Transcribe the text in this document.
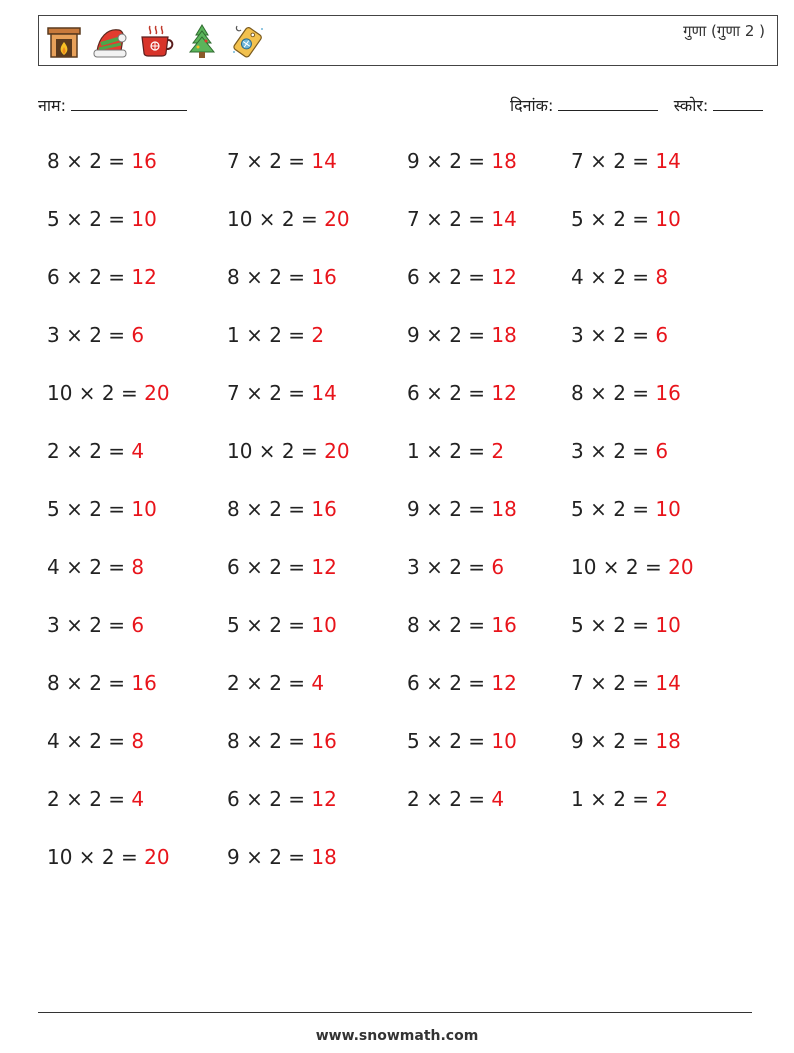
गुणा (गुणा 2 )
नाम:	दिनांक:	स्कोर:
8 × 2 = 16	7 × 2 = 14	9 × 2 = 18	7 × 2 = 14
5 × 2 = 10	10 × 2 = 20	7 × 2 = 14	5 × 2 = 10
6 × 2 = 12	8 × 2 = 16	6 × 2 = 12	4 × 2 = 8
3 × 2 = 6	1 × 2 = 2	9 × 2 = 18	3 × 2 = 6
10 × 2 = 20	7 × 2 = 14	6 × 2 = 12	8 × 2 = 16
2 × 2 = 4	10 × 2 = 20	1 × 2 = 2	3 × 2 = 6
5 × 2 = 10	8 × 2 = 16	9 × 2 = 18	5 × 2 = 10
4 × 2 = 8	6 × 2 = 12	3 × 2 = 6	10 × 2 = 20
3 × 2 = 6	5 × 2 = 10	8 × 2 = 16	5 × 2 = 10
8 × 2 = 16	2 × 2 = 4	6 × 2 = 12	7 × 2 = 14
4 × 2 = 8	8 × 2 = 16	5 × 2 = 10	9 × 2 = 18
2 × 2 = 4	6 × 2 = 12	2 × 2 = 4	1 × 2 = 2
10 × 2 = 20	9 × 2 = 18
www.snowmath.com
